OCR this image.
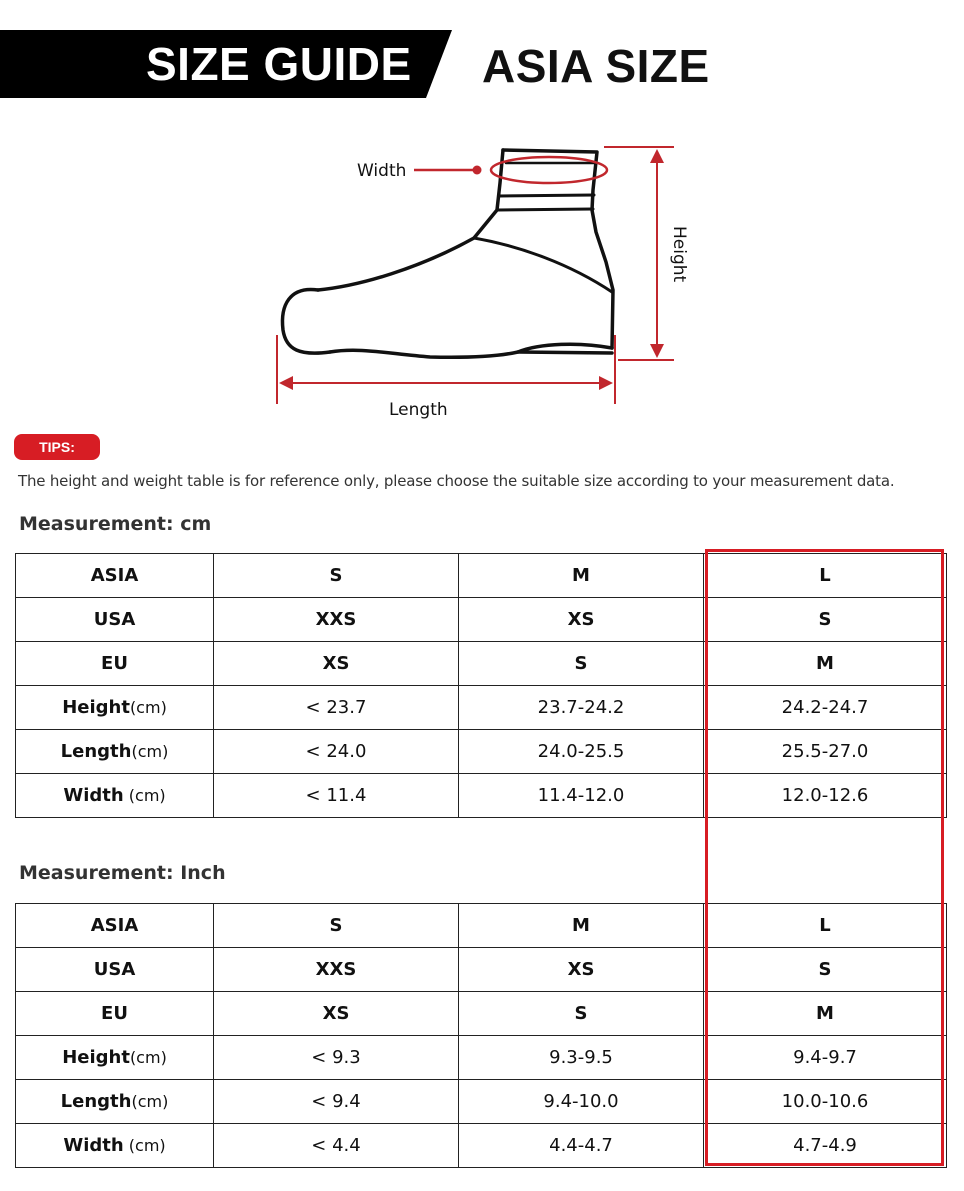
SIZE GUIDE ASIA SIZE
Width
Length
Height
TIPS:
The height and weight table is for reference only, please choose the suitable size according to your measurement data.
Measurement: cm
ASIA	S	M	L
USA	XXS	XS	S
EU	XS	S	M
Height(cm)	< 23.7	23.7-24.2	24.2-24.7
Length(cm)	< 24.0	24.0-25.5	25.5-27.0
Width (cm)	< 11.4	11.4-12.0	12.0-12.6
Measurement: Inch
ASIA	S	M	L
USA	XXS	XS	S
EU	XS	S	M
Height(cm)	< 9.3	9.3-9.5	9.4-9.7
Length(cm)	< 9.4	9.4-10.0	10.0-10.6
Width (cm)	< 4.4	4.4-4.7	4.7-4.9
